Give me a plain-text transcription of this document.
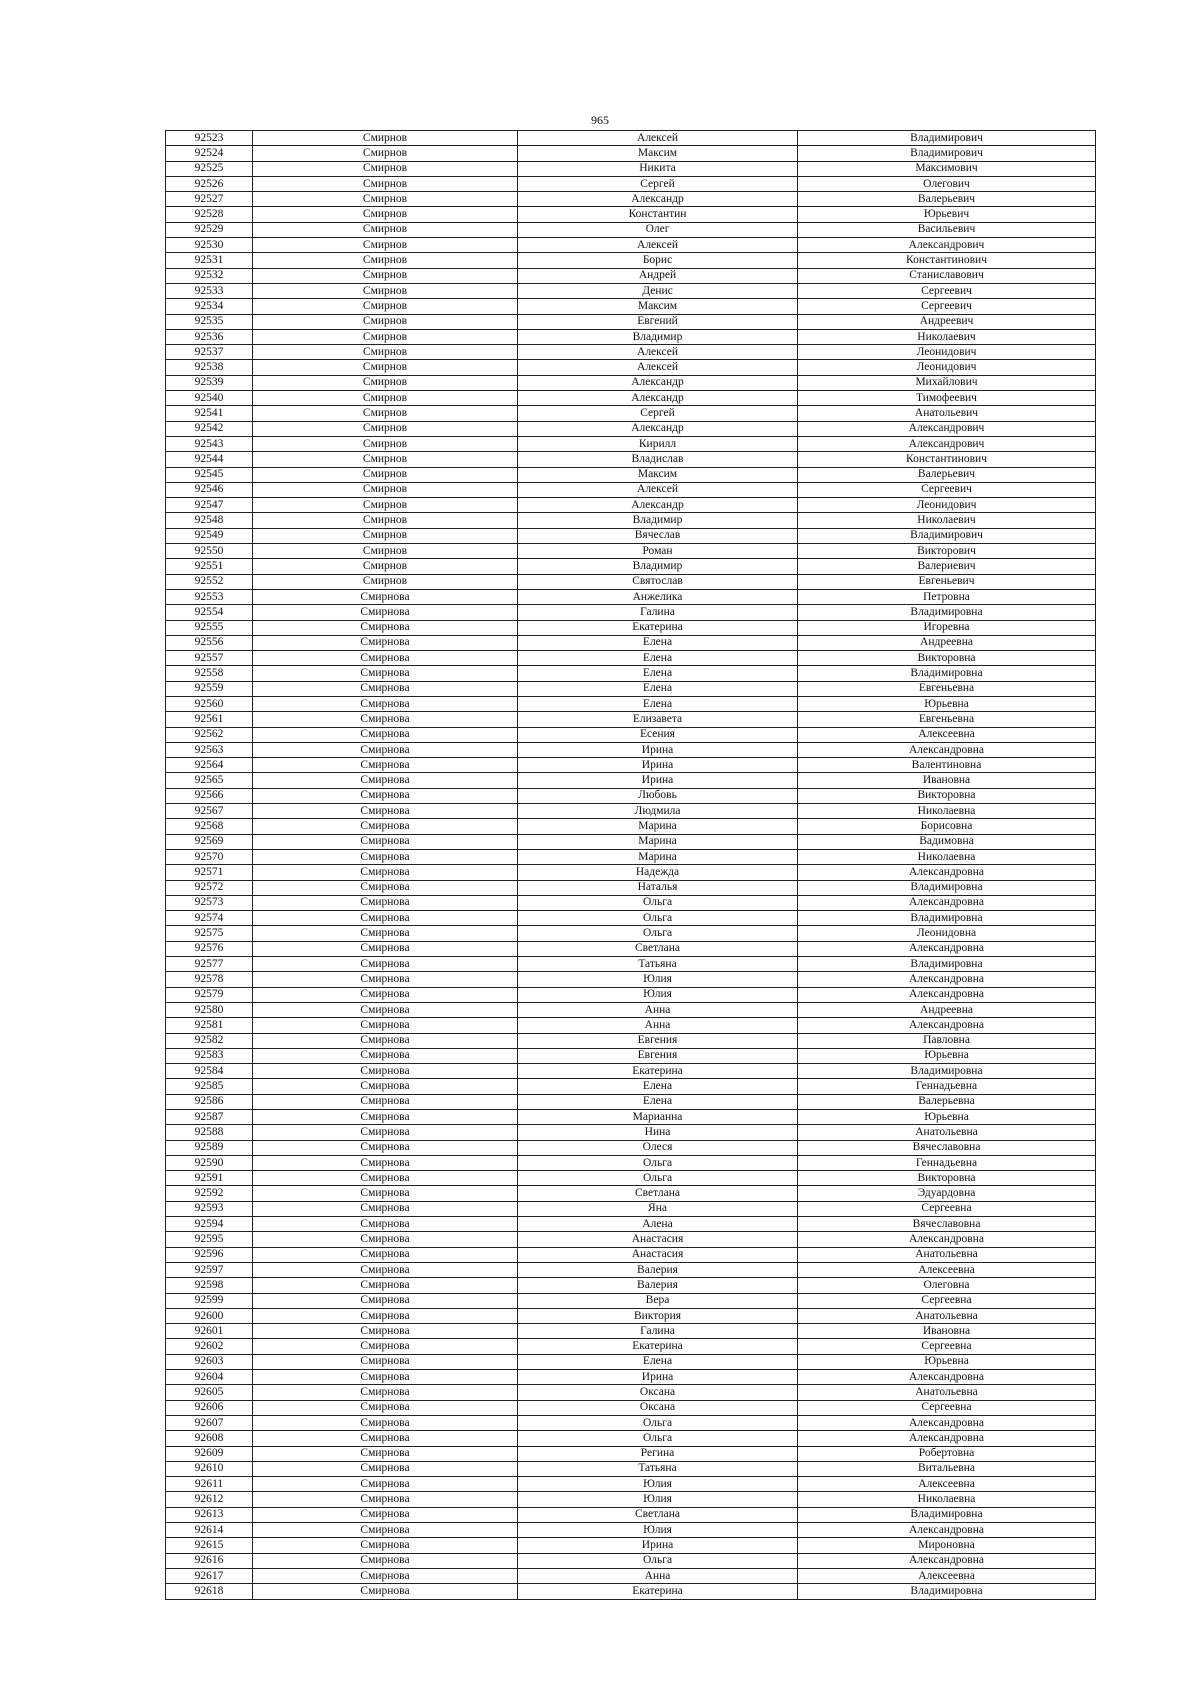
965
92523	Смирнов	Алексей	Владимирович
92524	Смирнов	Максим	Владимирович
92525	Смирнов	Никита	Максимович
92526	Смирнов	Сергей	Олегович
92527	Смирнов	Александр	Валерьевич
92528	Смирнов	Константин	Юрьевич
92529	Смирнов	Олег	Васильевич
92530	Смирнов	Алексей	Александрович
92531	Смирнов	Борис	Константинович
92532	Смирнов	Андрей	Станиславович
92533	Смирнов	Денис	Сергеевич
92534	Смирнов	Максим	Сергеевич
92535	Смирнов	Евгений	Андреевич
92536	Смирнов	Владимир	Николаевич
92537	Смирнов	Алексей	Леонидович
92538	Смирнов	Алексей	Леонидович
92539	Смирнов	Александр	Михайлович
92540	Смирнов	Александр	Тимофеевич
92541	Смирнов	Сергей	Анатольевич
92542	Смирнов	Александр	Александрович
92543	Смирнов	Кирилл	Александрович
92544	Смирнов	Владислав	Константинович
92545	Смирнов	Максим	Валерьевич
92546	Смирнов	Алексей	Сергеевич
92547	Смирнов	Александр	Леонидович
92548	Смирнов	Владимир	Николаевич
92549	Смирнов	Вячеслав	Владимирович
92550	Смирнов	Роман	Викторович
92551	Смирнов	Владимир	Валериевич
92552	Смирнов	Святослав	Евгеньевич
92553	Смирнова	Анжелика	Петровна
92554	Смирнова	Галина	Владимировна
92555	Смирнова	Екатерина	Игоревна
92556	Смирнова	Елена	Андреевна
92557	Смирнова	Елена	Викторовна
92558	Смирнова	Елена	Владимировна
92559	Смирнова	Елена	Евгеньевна
92560	Смирнова	Елена	Юрьевна
92561	Смирнова	Елизавета	Евгеньевна
92562	Смирнова	Есения	Алексеевна
92563	Смирнова	Ирина	Александровна
92564	Смирнова	Ирина	Валентиновна
92565	Смирнова	Ирина	Ивановна
92566	Смирнова	Любовь	Викторовна
92567	Смирнова	Людмила	Николаевна
92568	Смирнова	Марина	Борисовна
92569	Смирнова	Марина	Вадимовна
92570	Смирнова	Марина	Николаевна
92571	Смирнова	Надежда	Александровна
92572	Смирнова	Наталья	Владимировна
92573	Смирнова	Ольга	Александровна
92574	Смирнова	Ольга	Владимировна
92575	Смирнова	Ольга	Леонидовна
92576	Смирнова	Светлана	Александровна
92577	Смирнова	Татьяна	Владимировна
92578	Смирнова	Юлия	Александровна
92579	Смирнова	Юлия	Александровна
92580	Смирнова	Анна	Андреевна
92581	Смирнова	Анна	Александровна
92582	Смирнова	Евгения	Павловна
92583	Смирнова	Евгения	Юрьевна
92584	Смирнова	Екатерина	Владимировна
92585	Смирнова	Елена	Геннадьевна
92586	Смирнова	Елена	Валерьевна
92587	Смирнова	Марианна	Юрьевна
92588	Смирнова	Нина	Анатольевна
92589	Смирнова	Олеся	Вячеславовна
92590	Смирнова	Ольга	Геннадьевна
92591	Смирнова	Ольга	Викторовна
92592	Смирнова	Светлана	Эдуардовна
92593	Смирнова	Яна	Сергеевна
92594	Смирнова	Алена	Вячеславовна
92595	Смирнова	Анастасия	Александровна
92596	Смирнова	Анастасия	Анатольевна
92597	Смирнова	Валерия	Алексеевна
92598	Смирнова	Валерия	Олеговна
92599	Смирнова	Вера	Сергеевна
92600	Смирнова	Виктория	Анатольевна
92601	Смирнова	Галина	Ивановна
92602	Смирнова	Екатерина	Сергеевна
92603	Смирнова	Елена	Юрьевна
92604	Смирнова	Ирина	Александровна
92605	Смирнова	Оксана	Анатольевна
92606	Смирнова	Оксана	Сергеевна
92607	Смирнова	Ольга	Александровна
92608	Смирнова	Ольга	Александровна
92609	Смирнова	Регина	Робертовна
92610	Смирнова	Татьяна	Витальевна
92611	Смирнова	Юлия	Алексеевна
92612	Смирнова	Юлия	Николаевна
92613	Смирнова	Светлана	Владимировна
92614	Смирнова	Юлия	Александровна
92615	Смирнова	Ирина	Мироновна
92616	Смирнова	Ольга	Александровна
92617	Смирнова	Анна	Алексеевна
92618	Смирнова	Екатерина	Владимировна
